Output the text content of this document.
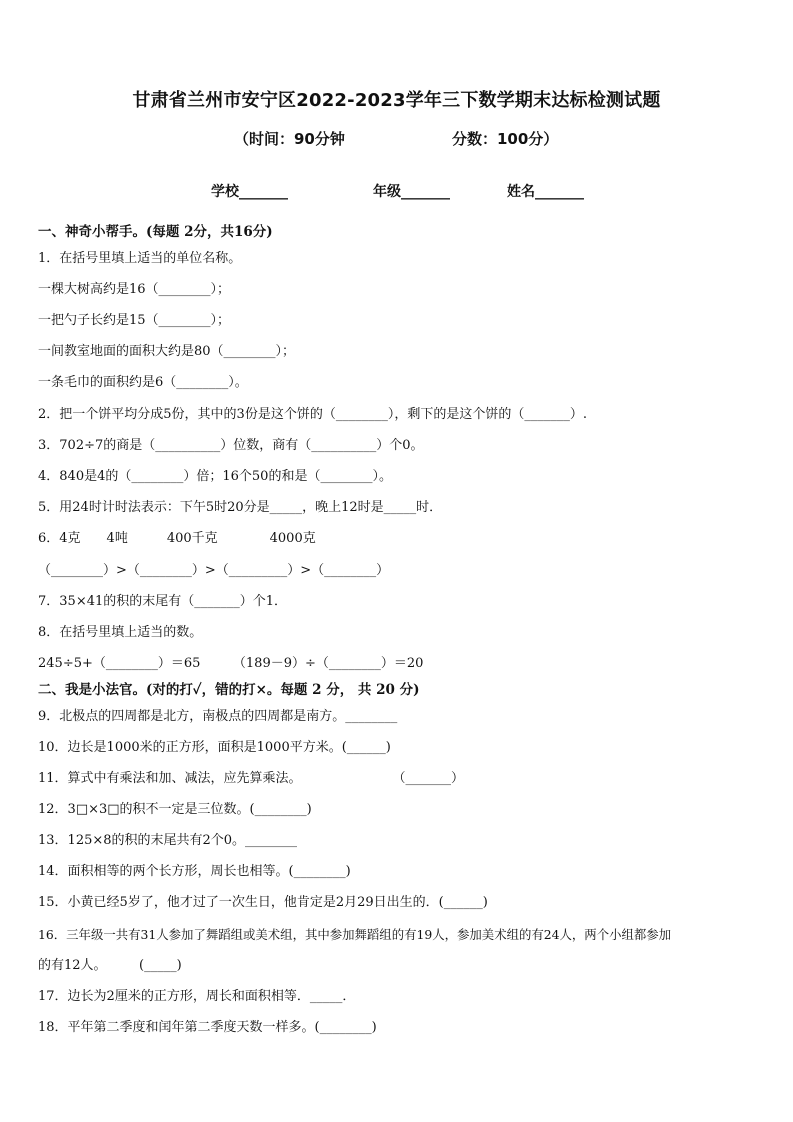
甘肃省兰州市安宁区2022-2023学年三下数学期末达标检测试题
（时间：90分钟	分数：100分）
学校_______	年级_______	姓名_______
一、神奇小帮手。(每题 2分，共16分)
1．在括号里填上适当的单位名称。
一棵大树高约是16（________）；
一把勺子长约是15（________）；
一间教室地面的面积大约是80（________）；
一条毛巾的面积约是6（________）。
2．把一个饼平均分成5份，其中的3份是这个饼的（________），剩下的是这个饼的（_______）.
3．702÷7的商是（__________）位数，商有（__________）个0。
4．840是4的（________）倍；16个50的和是（________）。
5．用24时计时法表示：下午5时20分是_____，晚上12时是_____时．
6．4克　　4吨　　　400千克　　　　4000克
（________）>（________）>（_________）>（________）
7．35×41的积的末尾有（_______）个1．
8．在括号里填上适当的数。
245÷5+（________）＝65　　　（189－9）÷（________）＝20
二、我是小法官。(对的打✓，错的打×。每题 2 分， 共 20 分)
9．北极点的四周都是北方，南极点的四周都是南方。________
10．边长是1000米的正方形，面积是1000平方米。(______)
11．算式中有乘法和加、减法，应先算乘法。　　　　　　　　（_______）
12．3□×3□的积不一定是三位数。(________)
13．125×8的积的末尾共有2个0。________
14．面积相等的两个长方形，周长也相等。(________)
15．小黄已经5岁了，他才过了一次生日，他肯定是2月29日出生的．(______)
16．三年级一共有31人参加了舞蹈组或美术组，其中参加舞蹈组的有19人，参加美术组的有24人，两个小组都参加
的有12人。　　　(_____)
17．边长为2厘米的正方形，周长和面积相等．_____．
18．平年第二季度和闰年第二季度天数一样多。(________)
